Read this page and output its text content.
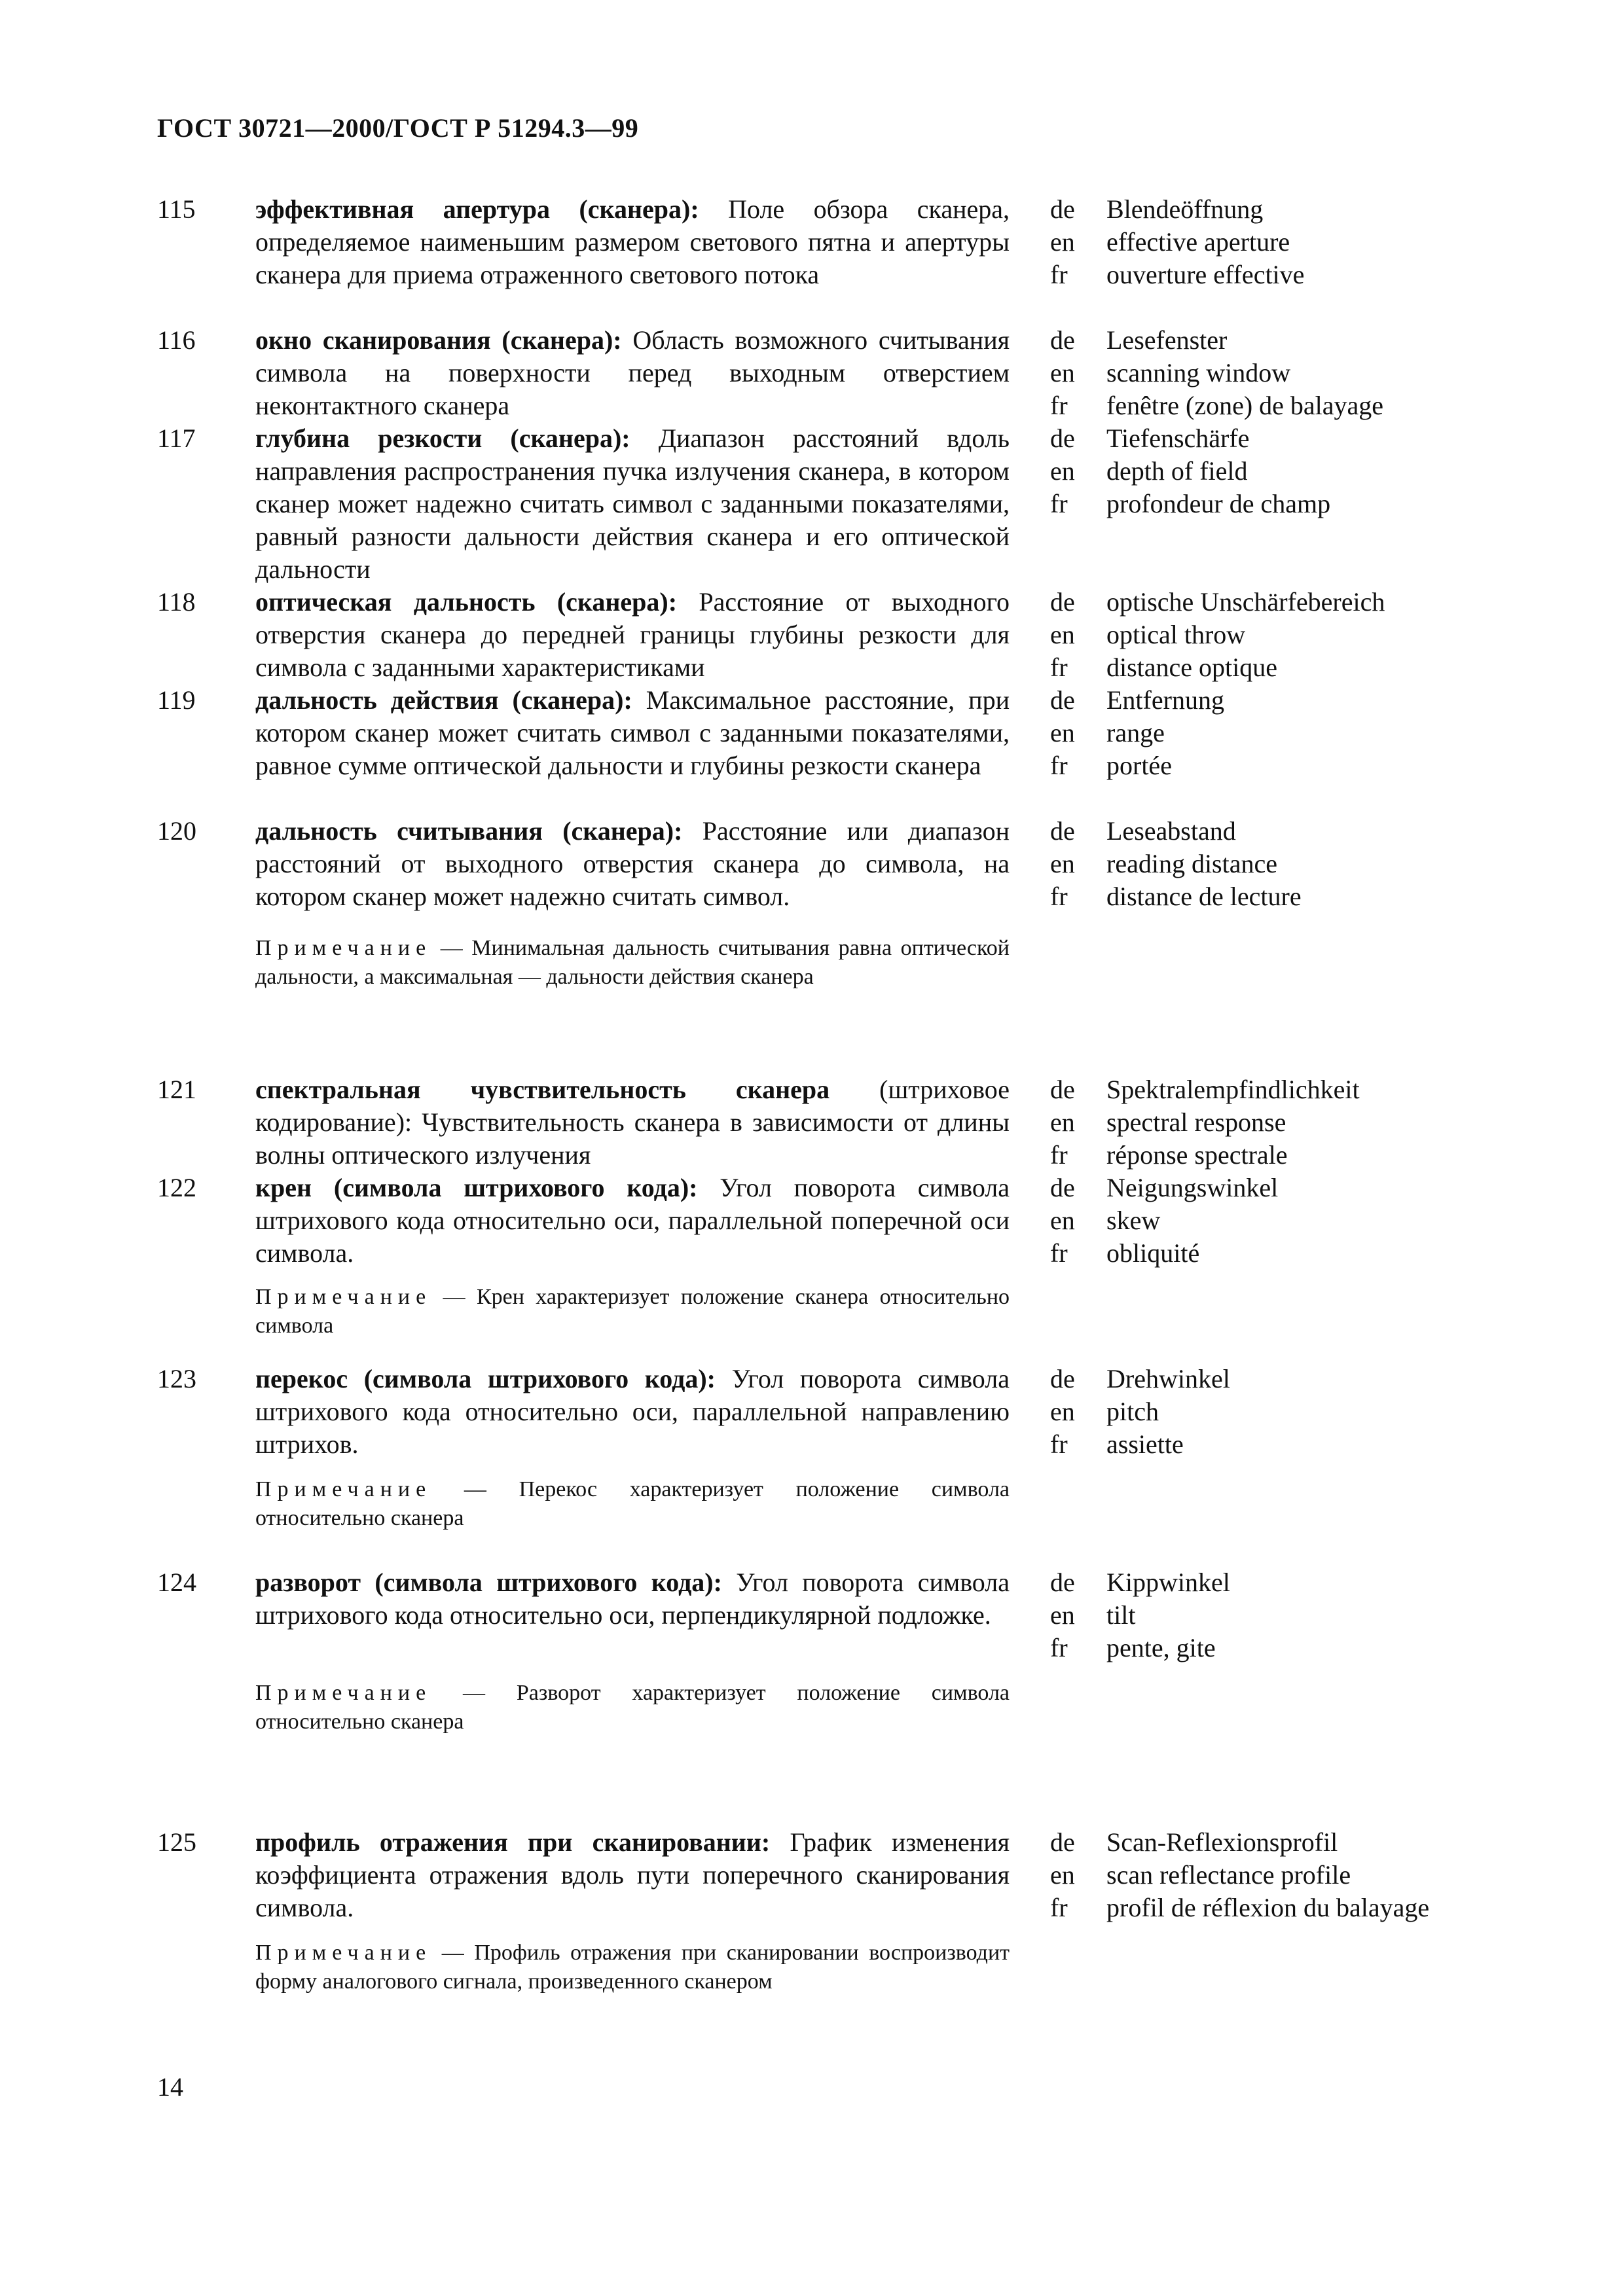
ГОСТ 30721—2000/ГОСТ Р 51294.3—99
115 эффективная апертура (сканера): Поле обзора сканера, определяемое наименьшим размером светового пятна и апертуры сканера для приема отраженного светового потока
de Blendeöffnung
en effective aperture
fr ouverture effective
116 окно сканирования (сканера): Область возможного считывания символа на поверхности перед выходным отверстием неконтактного сканера
de Lesefenster
en scanning window
fr fenêtre (zone) de balayage
117 глубина резкости (сканера): Диапазон расстояний вдоль направления распространения пучка излучения сканера, в котором сканер может надежно считать символ с заданными показателями, равный разности дальности действия сканера и его оптической дальности
de Tiefenschärfe
en depth of field
fr profondeur de champ
118 оптическая дальность (сканера): Расстояние от выходного отверстия сканера до передней границы глубины резкости для символа с заданными характеристиками
de optische Unschärfebereich
en optical throw
fr distance optique
119 дальность действия (сканера): Максимальное расстояние, при котором сканер может считать символ с заданными показателями, равное сумме оптической дальности и глубины резкости сканера
de Entfernung
en range
fr portée
120 дальность считывания (сканера): Расстояние или диапазон расстояний от выходного отверстия сканера до символа, на котором сканер может надежно считать символ.
de Leseabstand
en reading distance
fr distance de lecture
Примечание — Минимальная дальность считывания равна оптической дальности, а максимальная — дальности действия сканера
121 спектральная чувствительность сканера (штриховое кодирование): Чувствительность сканера в зависимости от длины волны оптического излучения
de Spektralempfindlichkeit
en spectral response
fr réponse spectrale
122 крен (символа штрихового кода): Угол поворота символа штрихового кода относительно оси, параллельной поперечной оси символа.
de Neigungswinkel
en skew
fr obliquité
Примечание — Крен характеризует положение сканера относительно символа
123 перекос (символа штрихового кода): Угол поворота символа штрихового кода относительно оси, параллельной направлению штрихов.
de Drehwinkel
en pitch
fr assiette
Примечание — Перекос характеризует положение символа относительно сканера
124 разворот (символа штрихового кода): Угол поворота символа штрихового кода относительно оси, перпендикулярной подложке.
de Kippwinkel
en tilt
fr pente, gite
Примечание — Разворот характеризует положение символа относительно сканера
125 профиль отражения при сканировании: График изменения коэффициента отражения вдоль пути поперечного сканирования символа.
de Scan-Reflexionsprofil
en scan reflectance profile
fr profil de réflexion du balayage
Примечание — Профиль отражения при сканировании воспроизводит форму аналогового сигнала, произведенного сканером
14
